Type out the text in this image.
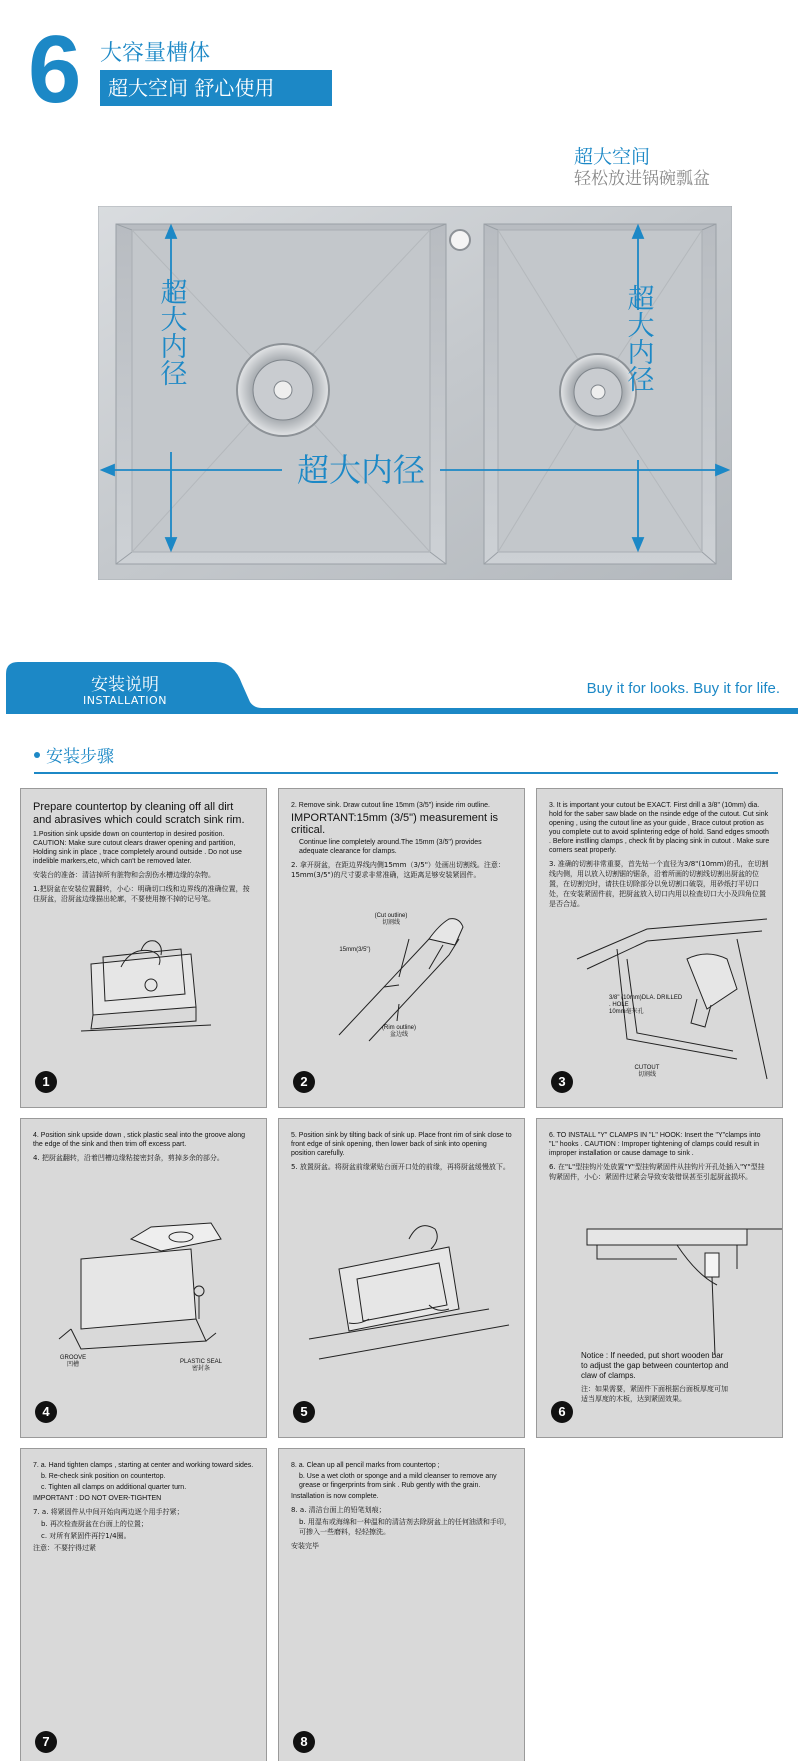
6 大容量槽体
超大空间 舒心使用
超大空间
轻松放进锅碗瓢盆
超大内径	超大内径
超大内径
安装说明
INSTALLATION
Buy it for looks. Buy it for life.
安装步骤

Prepare countertop by cleaning off all dirt and abrasives which could scratch sink rim.

1.Position sink upside down on countertop in desired position. CAUTION: Make sure cutout clears drawer opening and partition, Holding sink in place , trace completely around outside . Do not use indelible markers,etc, which can't be removed later.

安装台的准备：清洁掉所有脏物和会刮伤水槽边缘的杂物。

1.把厨盆在安装位置翻转，小心：明确切口线和边界线的准确位置，按住厨盆，沿厨盆边缘描出轮廓，不要使用擦不掉的记号笔。

1

2. Remove sink. Draw cutout line 15mm (3/5") inside rim outline.

IMPORTANT:15mm (3/5") measurement is critical.

Continue line completely around.The 15mm (3/5") provides adequate clearance for clamps.

2. 拿开厨盆，在距边界线内侧15mm（3/5"）处画出切割线。注意：15mm(3/5")的尺寸要求非常准确，这距离足够安装紧固件。

(Cut outline)
切割线
15mm(3/5")
(Rim outline)
盆边线
2

3. It is important your cutout be EXACT. First drill a 3/8" (10mm) dia. hold for the saber saw blade on the nsinde edge of the cutout. Cut sink opening , using the cutout line as your guide , Brace cutout protion as you complete cut to avoid splintering edge of hold. Sand edges smooth . Before instlling clamps , check fit by placing sink in cutout . Make sure corners seat properly.

3. 准确的切割非常重要，首先钻一个直径为3/8"(10mm)的孔，在切割线内侧，用以放入切割锯的锯条，沿着所画的切割线切割出厨盆的位置，在切割完时，请扶住切除部分以免切割口破裂，用砂纸打平切口处，在安装紧固件前，把厨盆放入切口内用以检查切口大小及四角位置是否合适。

3/8" (10mm)DLA. DRILLED . HOLE
10mm毫米孔
CUTOUT
切割线
3

4. Position sink upside down , stick plastic seal into the groove along the edge of the sink and then trim off excess part.

4. 把厨盆翻转，沿着凹槽边缘粘接密封条，剪掉多余的部分。

GROOVE
凹槽	PLASTIC SEAL
密封条
4

5. Position sink by tilting back of sink up. Place front rim of sink close to front edge of sink opening, then lower back of sink into opening position carefully.

5. 放置厨盆。将厨盆前缘紧贴台面开口处的前缘，再将厨盆缓慢放下。

5

6. TO INSTALL "Y" CLAMPS IN "L" HOOK: Insert the "Y"clamps into "L" hooks . CAUTION : Improper tightening of clamps could result in improper installation or cause damage to sink .

6. 在"L"型挂钩片处放置"Y"型挂钩紧固件从挂钩片开孔处插入"Y"型挂钩紧固件，小心：紧固件过紧会导致安装错误甚至引起厨盆损坏。

Notice : If needed, put short wooden bar to adjust the gap between countertop and claw of clamps.
注：如果需要，紧固件下面根据台面板厚度可加适当厚度的木板，达到紧固效果。
6

7. a. Hand tighten clamps , starting at center and working toward sides.

b. Re-check sink position on countertop.

c. Tighten all clamps on additional quarter turn.

IMPORTANT : DO NOT OVER-TIGHTEN

7. a. 将紧固件从中间开始向两边逐个用手拧紧；

b. 再次检查厨盆在台面上的位置；

c. 对所有紧固件再拧1/4圈。

注意：不要拧得过紧

7

8. a. Clean up all pencil marks from countertop ;

b. Use a wet cloth or sponge and a mild cleanser to remove any grease or fingerprints from sink . Rub gently with the grain.

Installation is now complete.

8. a. 清洁台面上的铅笔划痕；

b. 用湿布或海绵和一种温和的清洁剂去除厨盆上的任何油渍和手印，可掺入一些磨料，轻轻擦洗。

安装完毕

8
